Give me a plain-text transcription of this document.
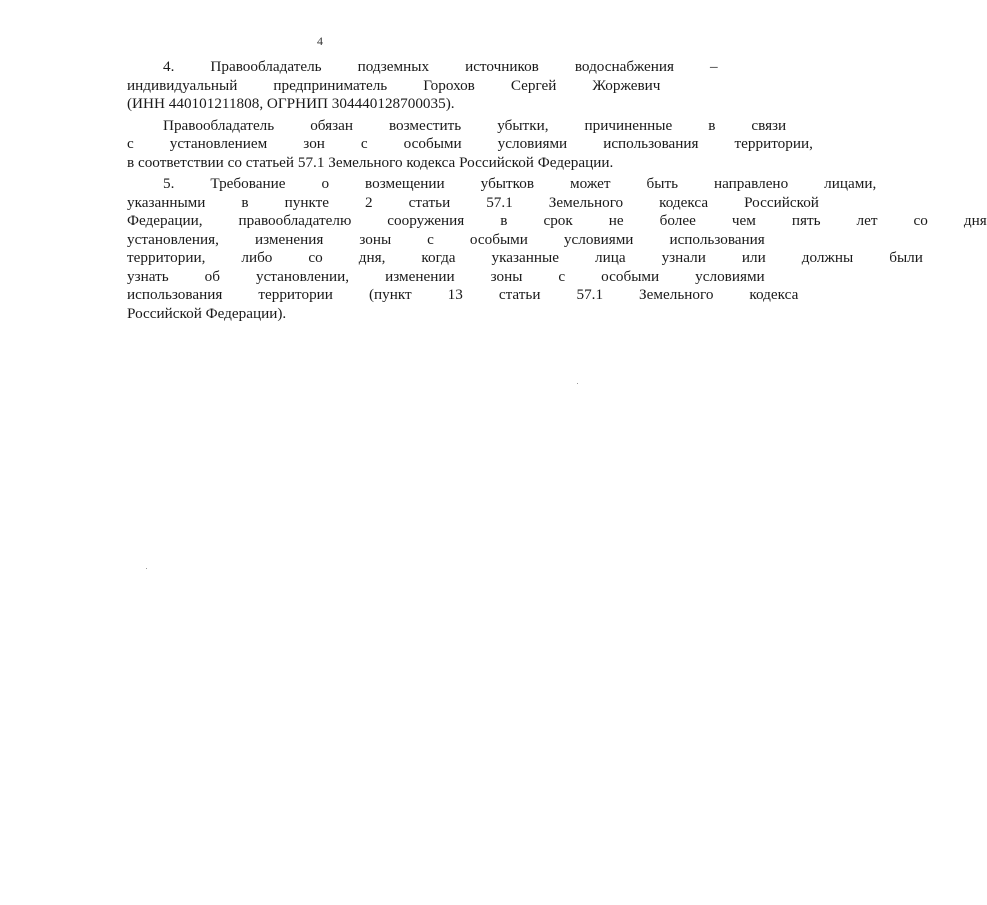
4
4.	Правообладатель	подземных	источников	водоснабжения	–
индивидуальный	предприниматель	Горохов	Сергей	Жоржевич
(ИНН 440101211808, ОГРНИП 304440128700035).
Правообладатель	обязан	возместить	убытки,	причиненные	в	связи
с	установлением	зон	с	особыми	условиями	использования	территории,
в соответствии со статьей 57.1 Земельного кодекса Российской Федерации.
5.	Требование	о	возмещении	убытков	может	быть	направлено	лицами,
указанными	в	пункте	2	статьи	57.1	Земельного	кодекса	Российской
Федерации,	правообладателю	сооружения	в	срок	не	более	чем	пять	лет	со	дня
установления,	изменения	зоны	с	особыми	условиями	использования
территории,	либо	со	дня,	когда	указанные	лица	узнали	или	должны	были
узнать	об	установлении,	изменении	зоны	с	особыми	условиями
использования	территории	(пункт	13	статьи	57.1	Земельного	кодекса
Российской Федерации).
